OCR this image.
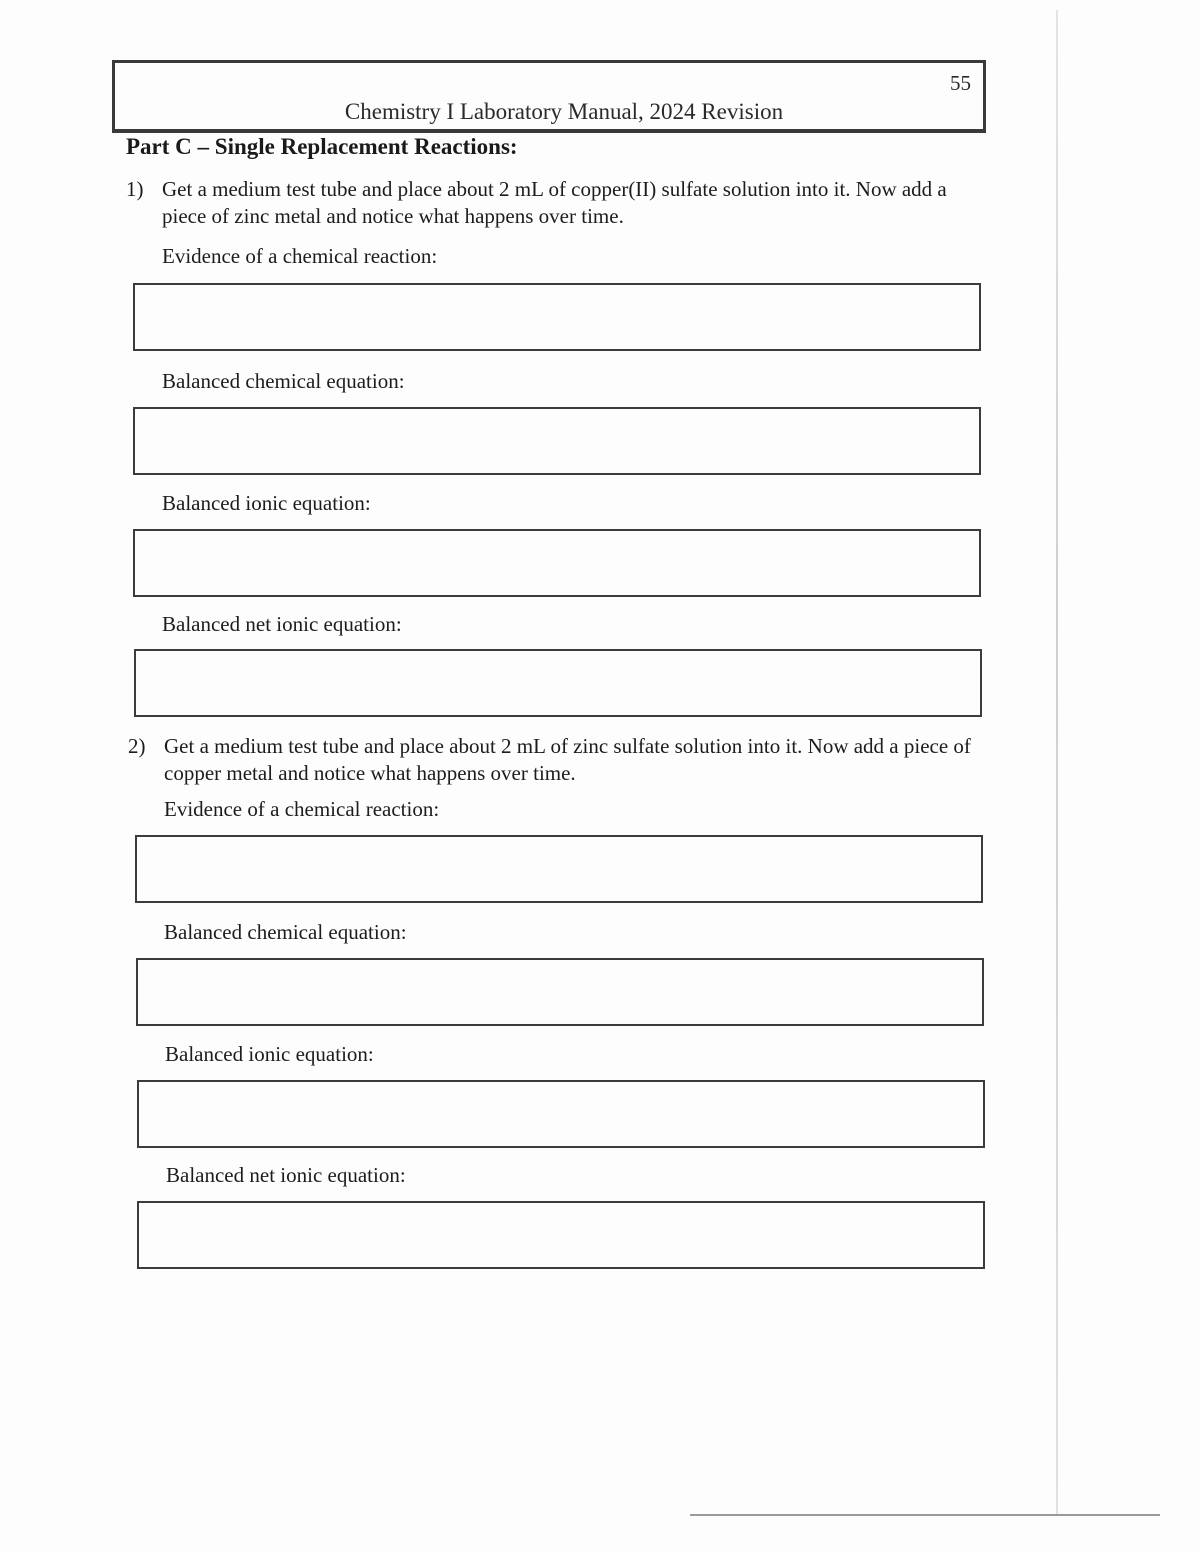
55
Chemistry I Laboratory Manual, 2024 Revision
Part C – Single Replacement Reactions:
1) Get a medium test tube and place about 2 mL of copper(II) sulfate solution into it. Now add a piece of zinc metal and notice what happens over time.
Evidence of a chemical reaction:
Balanced chemical equation:
Balanced ionic equation:
Balanced net ionic equation:
2) Get a medium test tube and place about 2 mL of zinc sulfate solution into it. Now add a piece of copper metal and notice what happens over time.
Evidence of a chemical reaction:
Balanced chemical equation:
Balanced ionic equation:
Balanced net ionic equation:
